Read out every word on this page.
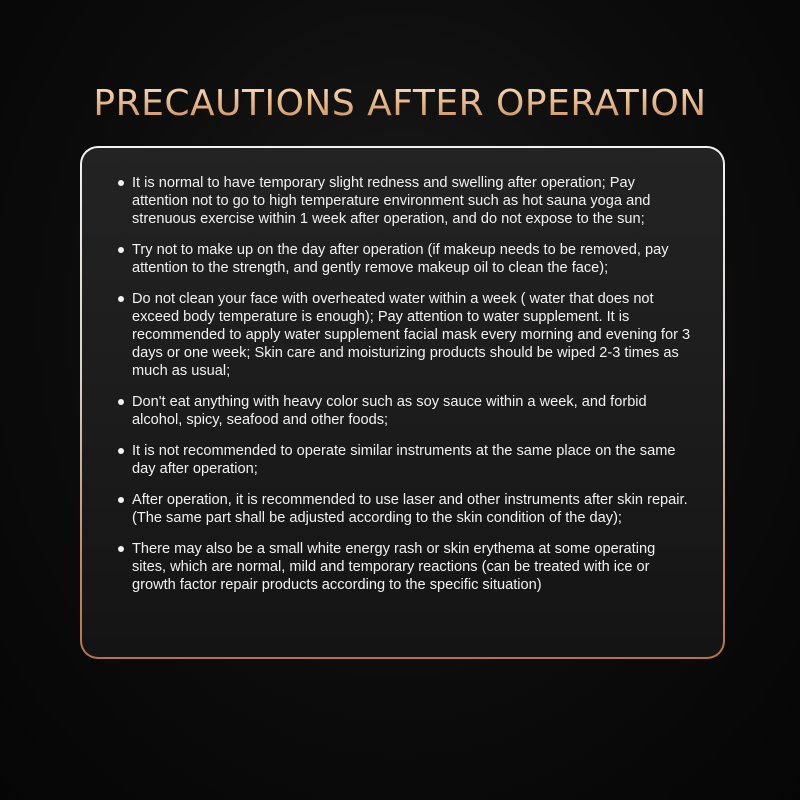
PRECAUTIONS AFTER OPERATION
It is normal to have temporary slight redness and swelling after operation; Pay attention not to go to high temperature environment such as hot sauna yoga and strenuous exercise within 1 week after operation, and do not expose to the sun;
Try not to make up on the day after operation (if makeup needs to be removed, pay attention to the strength, and gently remove makeup oil to clean the face);
Do not clean your face with overheated water within a week ( water that does not exceed body temperature is enough); Pay attention to water supplement. It is recommended to apply water supplement facial mask every morning and evening for 3 days or one week; Skin care and moisturizing products should be wiped 2-3 times as much as usual;
Don't eat anything with heavy color such as soy sauce within a week, and forbid alcohol, spicy, seafood and other foods;
It is not recommended to operate similar instruments at the same place on the same day after operation;
After operation, it is recommended to use laser and other instruments after skin repair. (The same part shall be adjusted according to the skin condition of the day);
There may also be a small white energy rash or skin erythema at some operating sites, which are normal, mild and temporary reactions (can be treated with ice or growth factor repair products according to the specific situation)
